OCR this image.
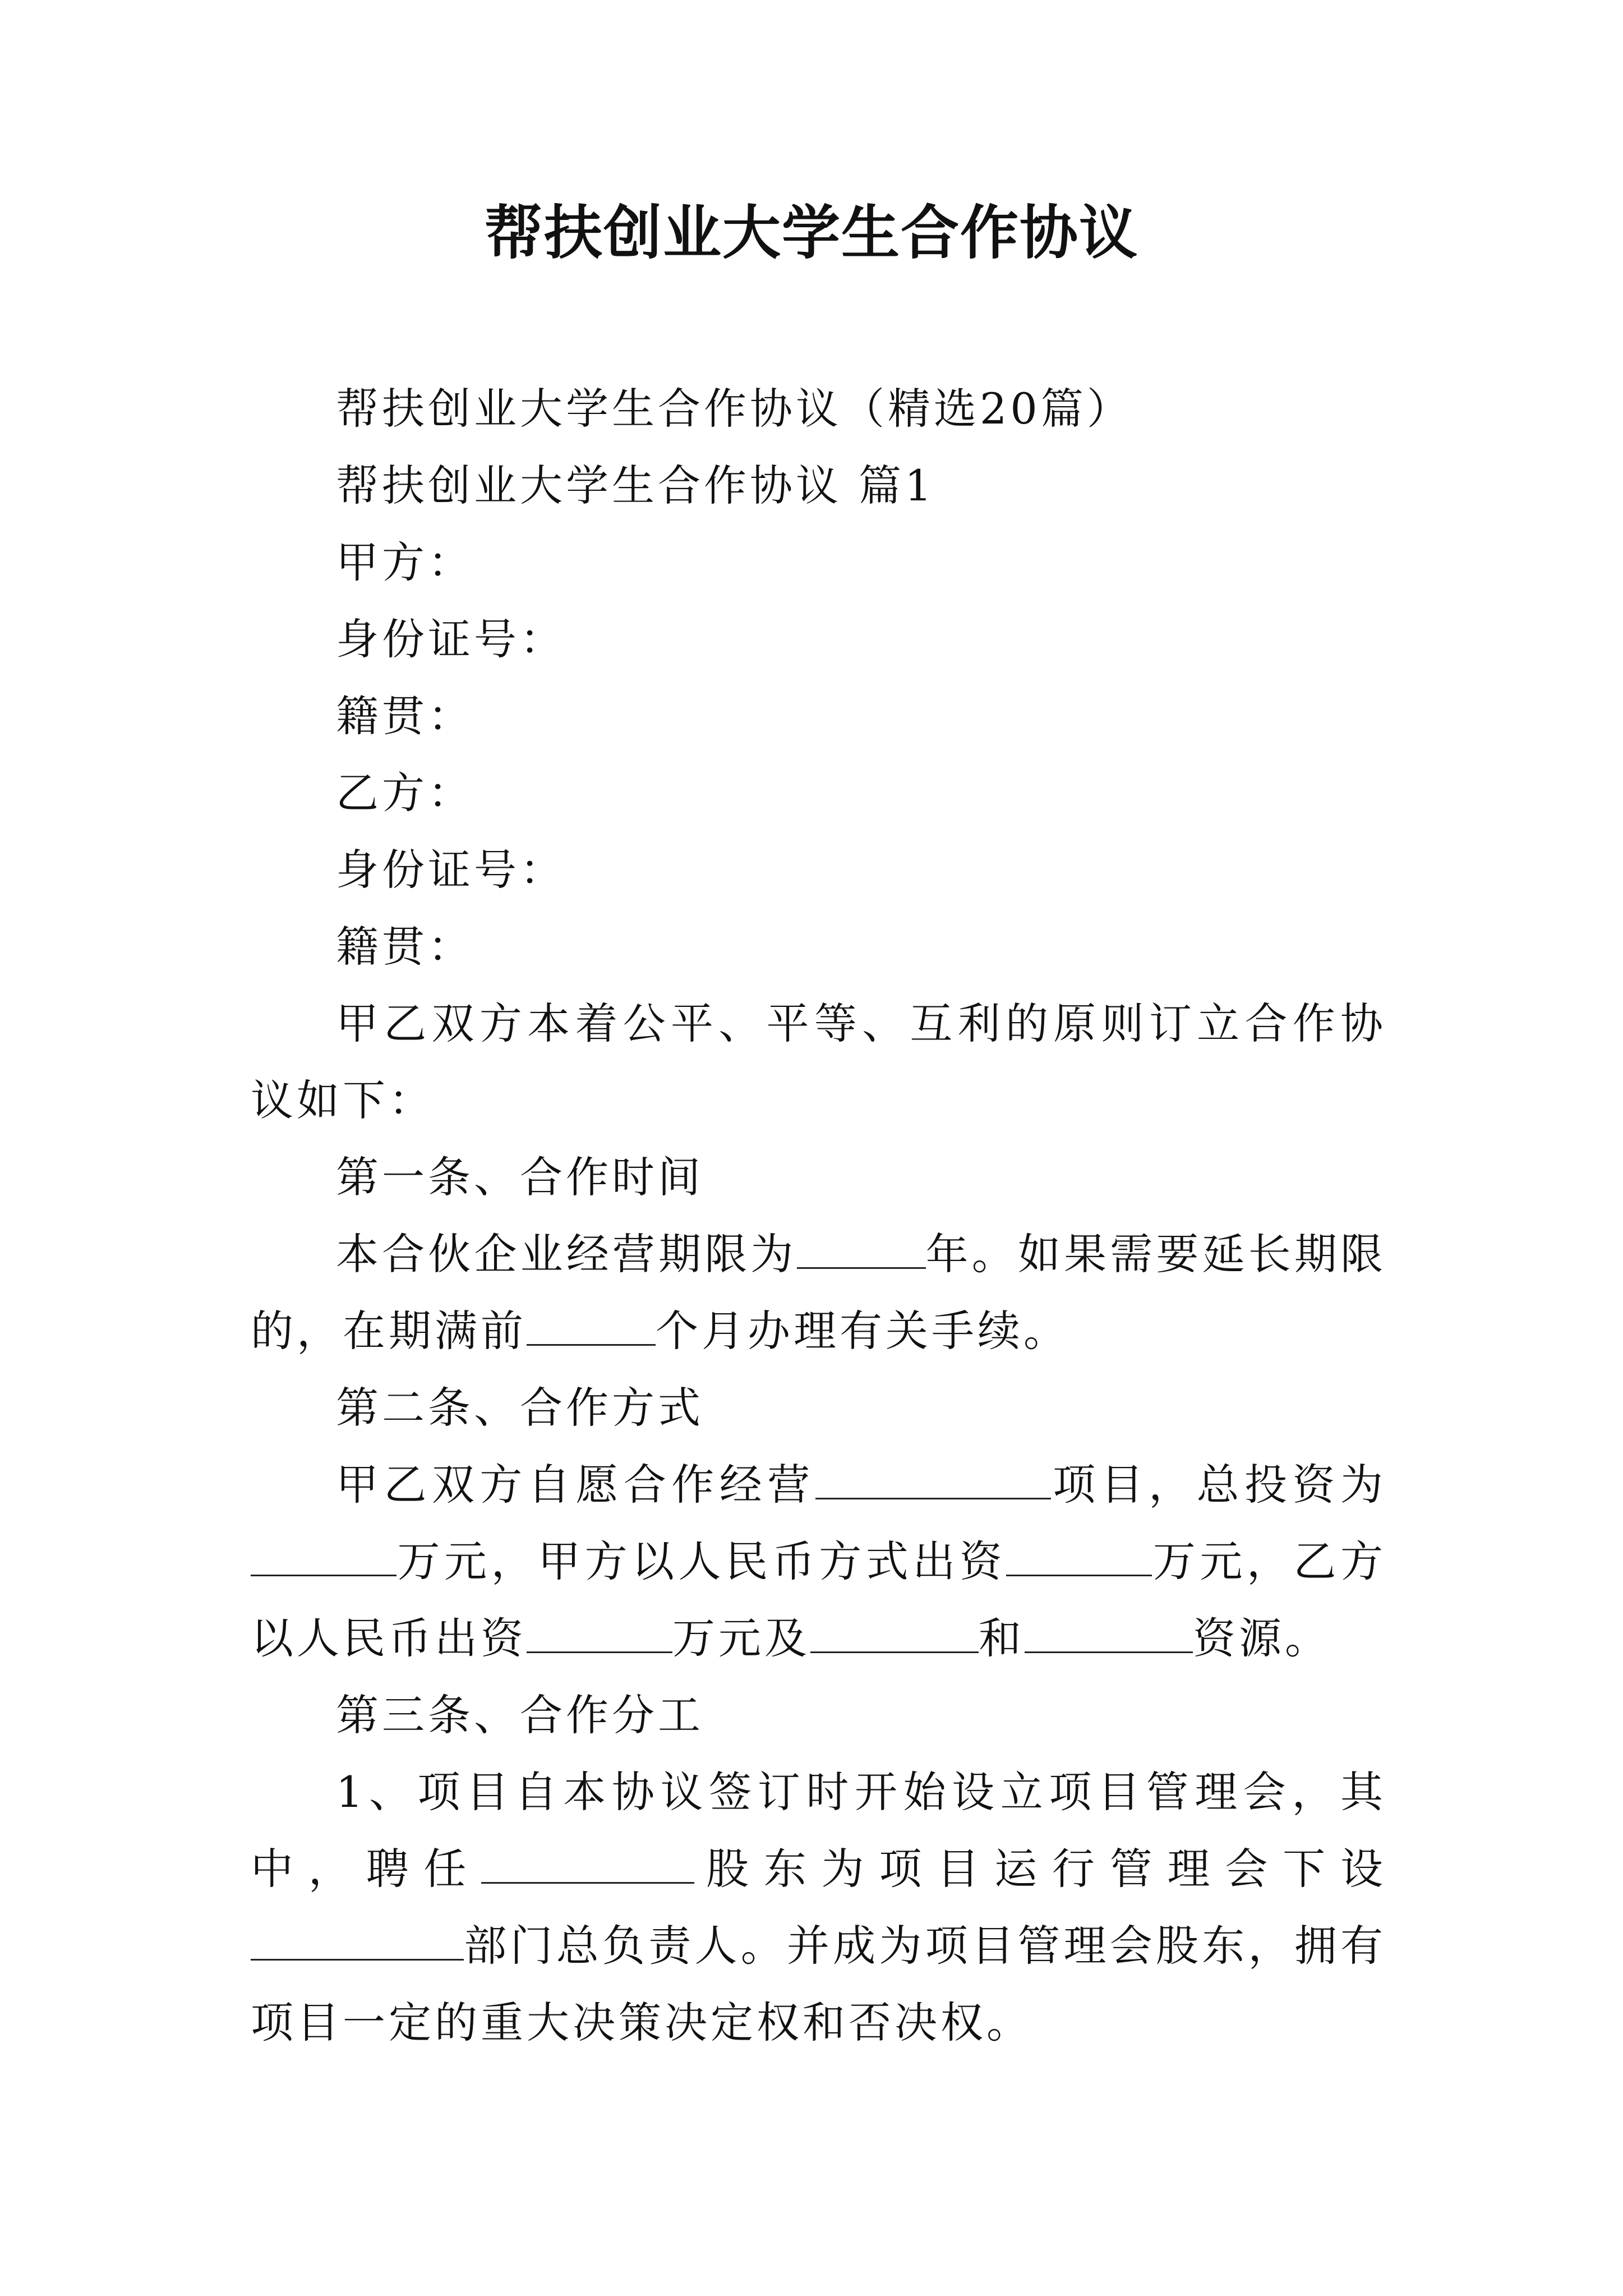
帮扶创业大学生合作协议

帮扶创业大学生合作协议（精选20篇）

帮扶创业大学生合作协议 篇1

甲方：

身份证号：

籍贯：

乙方：

身份证号：

籍贯：

甲乙双方本着公平、平等、互利的原则订立合作协议如下：

第一条、合作时间

本合伙企业经营期限为	年。如果需要延长期限的，在期满前	个月办理有关手续。

第二条、合作方式

甲乙双方自愿合作经营	项目，总投资为万元，甲方以人民币方式出资	万元，乙方以人民币出资	万元及	和	资源。

第三条、合作分工

1、项目自本协议签订时开始设立项目管理会，其中，聘任	股东为项目运行管理会下设部门总负责人。并成为项目管理会股东，拥有项目一定的重大决策决定权和否决权。
